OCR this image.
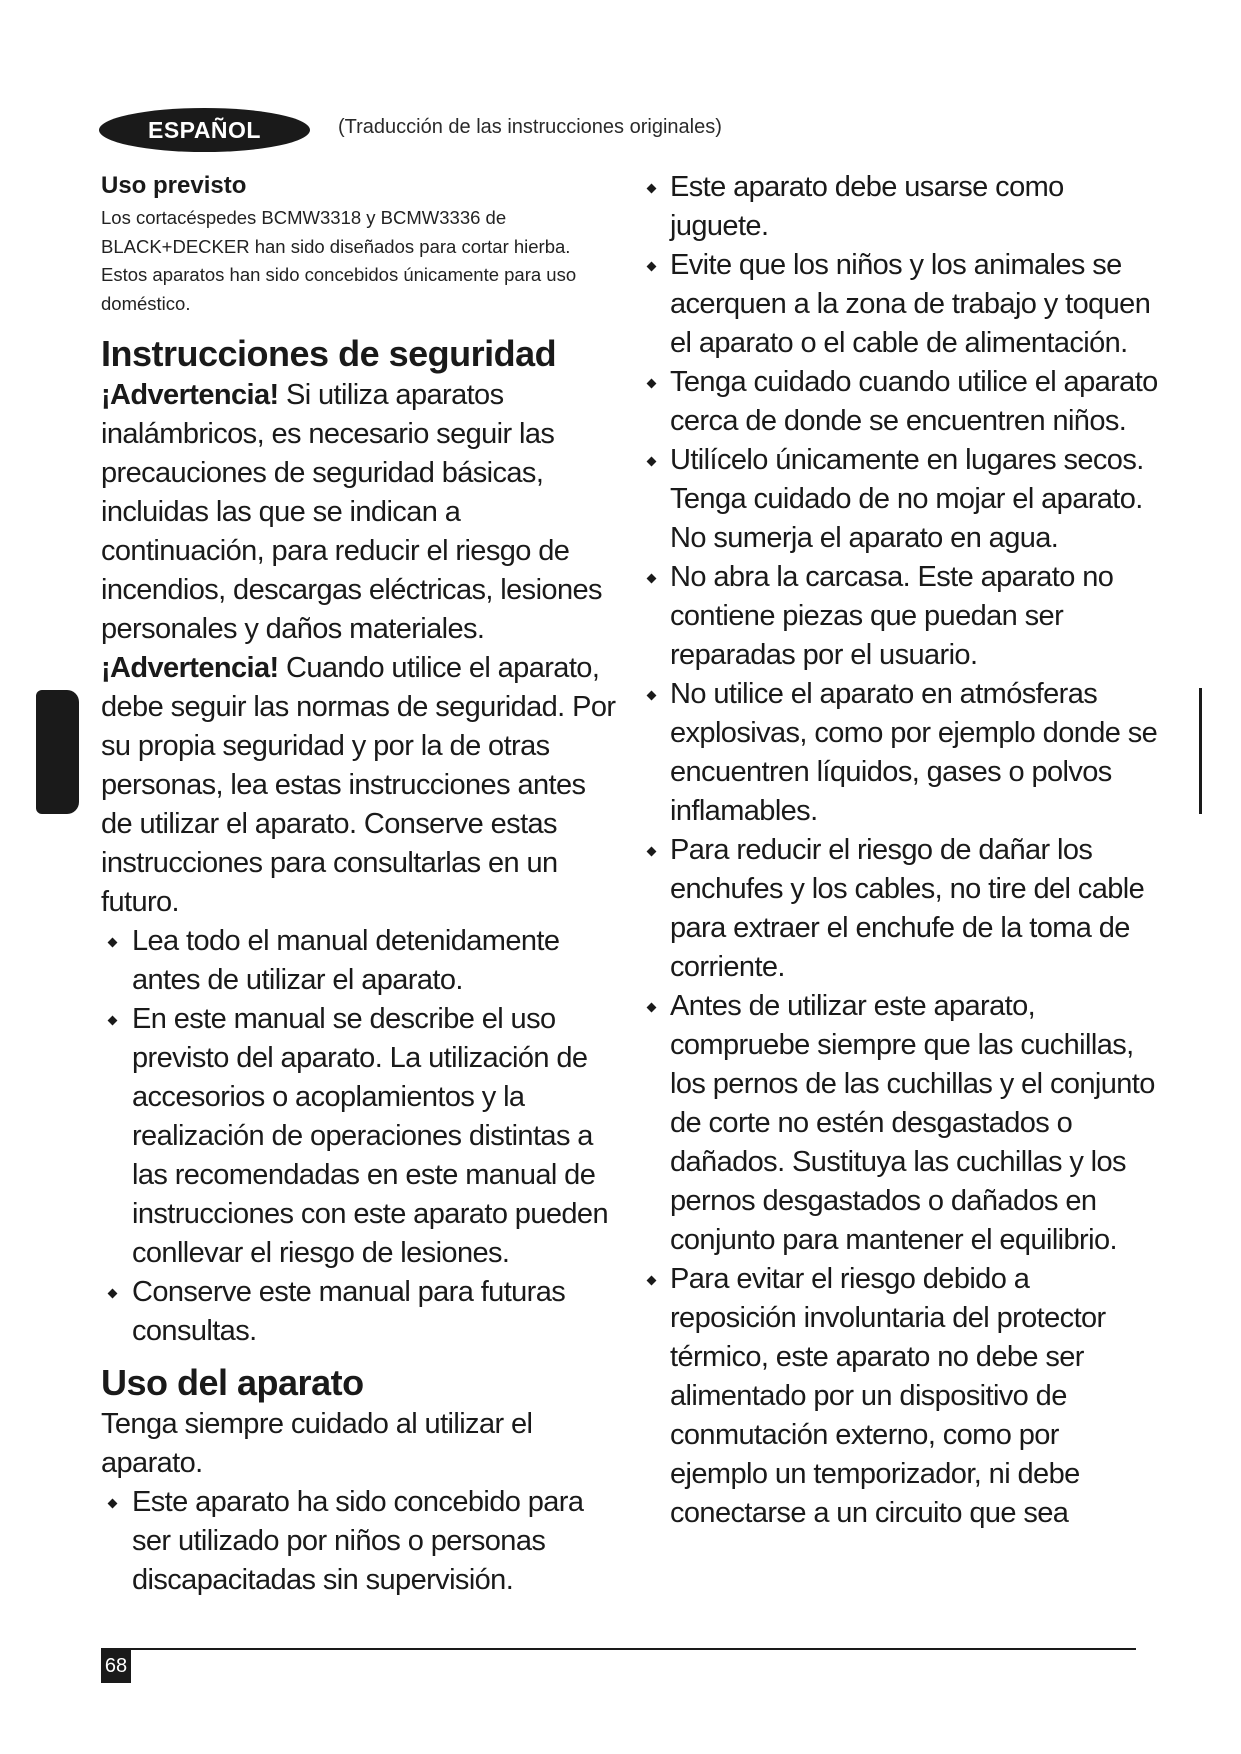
ESPAÑOL	(Traducción de las instrucciones originales)
Uso previsto
Los cortacéspedes BCMW3318 y BCMW3336 de
BLACK+DECKER han sido diseñados para cortar hierba.
Estos aparatos han sido concebidos únicamente para uso
doméstico.
Instrucciones de seguridad

¡Advertencia! Si utiliza aparatos inalámbricos, es necesario seguir las precauciones de seguridad básicas, incluidas las que se indican a continuación, para reducir el riesgo de incendios, descargas eléctricas, lesiones personales y daños materiales.

¡Advertencia! Cuando utilice el aparato, debe seguir las normas de seguridad. Por su propia seguridad y por la de otras personas, lea estas instrucciones antes de utilizar el aparato. Conserve estas instrucciones para consultarlas en un futuro.

Lea todo el manual detenidamente antes de utilizar el aparato.
En este manual se describe el uso previsto del aparato. La utilización de accesorios o acoplamientos y la realización de operaciones distintas a las recomendadas en este manual de instrucciones con este aparato pueden conllevar el riesgo de lesiones.
Conserve este manual para futuras consultas.
Uso del aparato

Tenga siempre cuidado al utilizar el aparato.

Este aparato ha sido concebido para ser utilizado por niños o personas discapacitadas sin supervisión.
Este aparato debe usarse como juguete.
Evite que los niños y los animales se acerquen a la zona de trabajo y toquen el aparato o el cable de alimentación.
Tenga cuidado cuando utilice el aparato cerca de donde se encuentren niños.
Utilícelo únicamente en lugares secos. Tenga cuidado de no mojar el aparato. No sumerja el aparato en agua.
No abra la carcasa. Este aparato no contiene piezas que puedan ser reparadas por el usuario.
No utilice el aparato en atmósferas explosivas, como por ejemplo donde se encuentren líquidos, gases o polvos inflamables.
Para reducir el riesgo de dañar los enchufes y los cables, no tire del cable para extraer el enchufe de la toma de corriente.
Antes de utilizar este aparato, compruebe siempre que las cuchillas, los pernos de las cuchillas y el conjunto de corte no estén desgastados o dañados. Sustituya las cuchillas y los pernos desgastados o dañados en conjunto para mantener el equilibrio.
Para evitar el riesgo debido a reposición involuntaria del protector térmico, este aparato no debe ser alimentado por un dispositivo de conmutación externo, como por ejemplo un temporizador, ni debe conectarse a un circuito que sea
68
